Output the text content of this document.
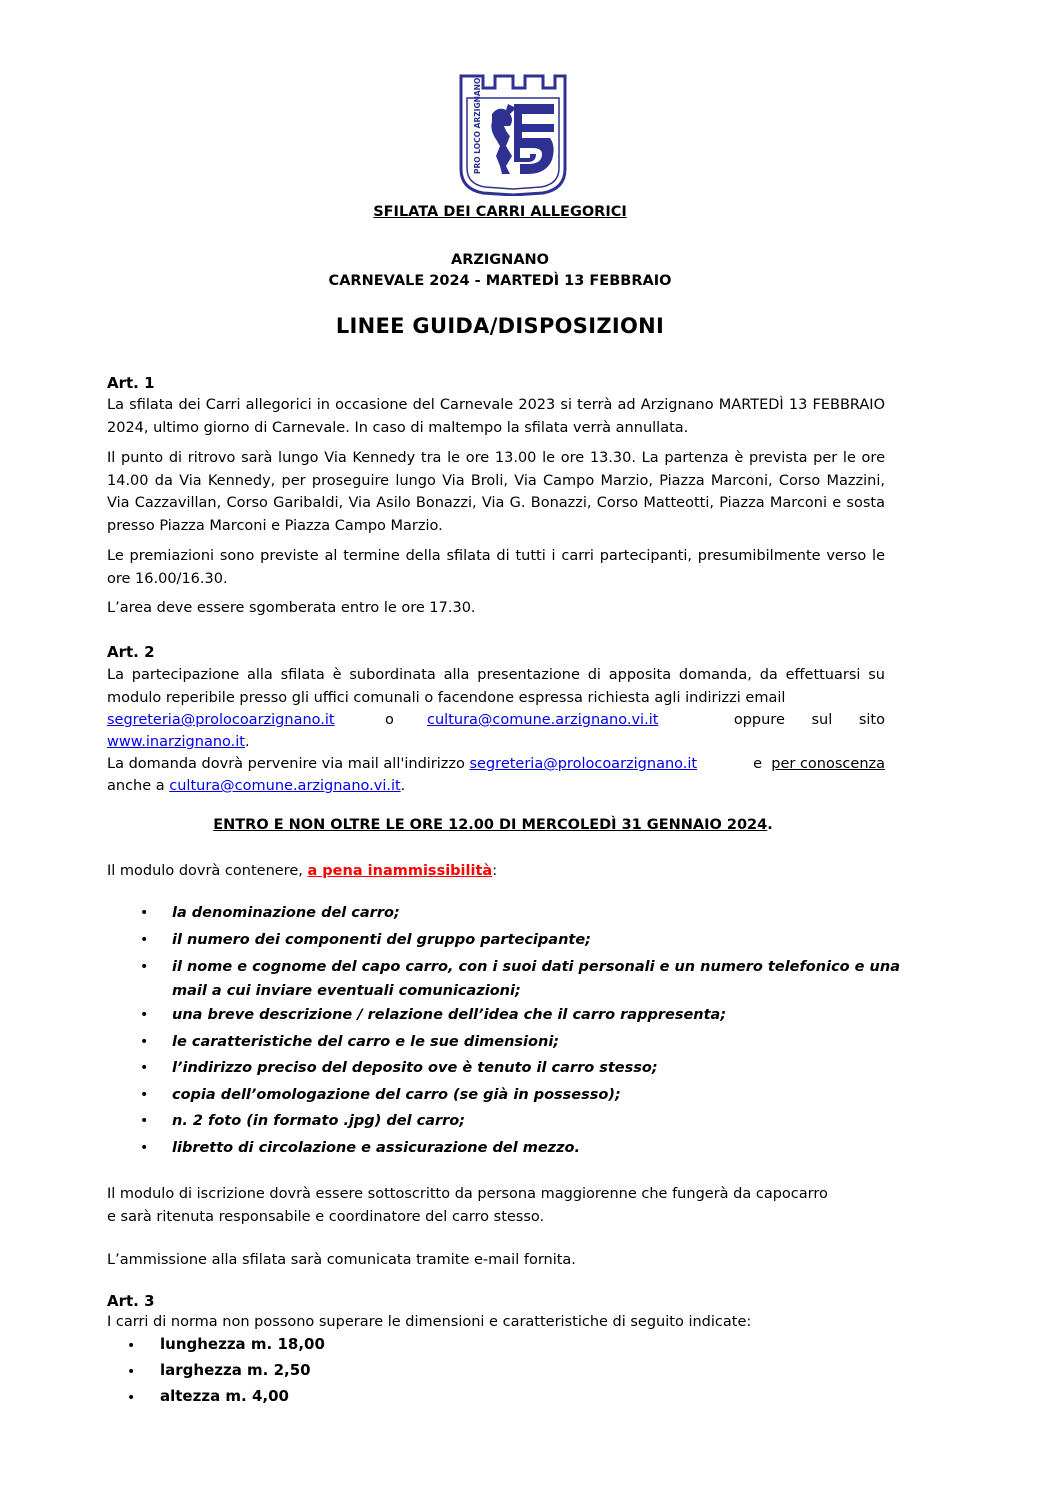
PRO LOCO ARZIGNANO
SFILATA DEI CARRI ALLEGORICI
ARZIGNANO
CARNEVALE 2024 - MARTEDÌ 13 FEBBRAIO
LINEE GUIDA/DISPOSIZIONI
Art. 1
La sfilata dei Carri allegorici in occasione del Carnevale 2023 si terrà ad Arzignano MARTEDÌ 13 FEBBRAIO 2024, ultimo giorno di Carnevale. In caso di maltempo la sfilata verrà annullata.
Il punto di ritrovo sarà lungo Via Kennedy tra le ore 13.00 le ore 13.30. La partenza è prevista per le ore 14.00 da Via Kennedy, per proseguire lungo Via Broli, Via Campo Marzio, Piazza Marconi, Corso Mazzini, Via Cazzavillan, Corso Garibaldi, Via Asilo Bonazzi, Via G. Bonazzi, Corso Matteotti, Piazza Marconi e sosta presso Piazza Marconi e Piazza Campo Marzio.
Le premiazioni sono previste al termine della sfilata di tutti i carri partecipanti, presumibilmente verso le ore 16.00/16.30.
L’area deve essere sgomberata entro le ore 17.30.
Art. 2
La partecipazione alla sfilata è subordinata alla presentazione di apposita domanda, da effettuarsi su modulo reperibile presso gli uffici comunali o facendone espressa richiesta agli indirizzi email
segreteria@prolocoarzignano.it	o cultura@comune.arzignano.vi.it	oppure sul sito
www.inarzignano.it.
La domanda dovrà pervenire via mail all'indirizzo segreteria@prolocoarzignano.it	e per conoscenza
anche a cultura@comune.arzignano.vi.it.
ENTRO E NON OLTRE LE ORE 12.00 DI MERCOLEDÌ 31 GENNAIO 2024.
Il modulo dovrà contenere, a pena inammissibilità:
• la denominazione del carro;
• il numero dei componenti del gruppo partecipante;
• il nome e cognome del capo carro, con i suoi dati personali e un numero telefonico e una
mail a cui inviare eventuali comunicazioni;
• una breve descrizione / relazione dell’idea che il carro rappresenta;
• le caratteristiche del carro e le sue dimensioni;
• l’indirizzo preciso del deposito ove è tenuto il carro stesso;
• copia dell’omologazione del carro (se già in possesso);
• n. 2 foto (in formato .jpg) del carro;
• libretto di circolazione e assicurazione del mezzo.
Il modulo di iscrizione dovrà essere sottoscritto da persona maggiorenne che fungerà da capocarro
e sarà ritenuta responsabile e coordinatore del carro stesso.
L’ammissione alla sfilata sarà comunicata tramite e-mail fornita.
Art. 3
I carri di norma non possono superare le dimensioni e caratteristiche di seguito indicate:
• lunghezza m. 18,00
• larghezza m. 2,50
• altezza m. 4,00
